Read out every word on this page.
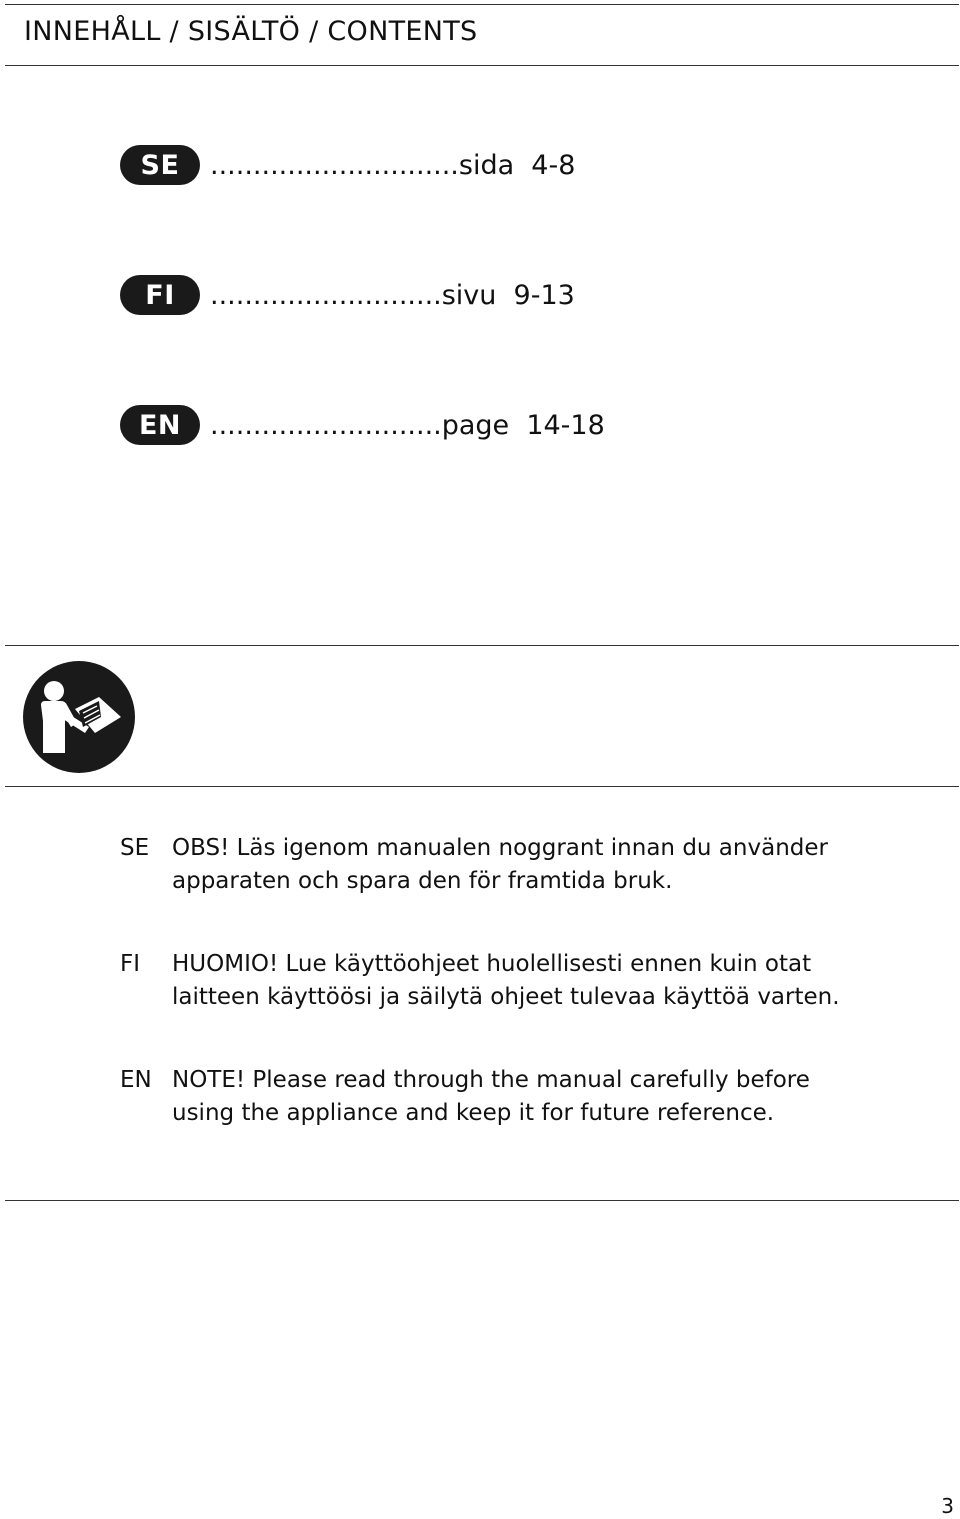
INNEHÅLL / SISÄLTÖ / CONTENTS
SE	.............................sida  4-8
FI	...........................sivu  9-13
EN	...........................page  14-18
SE OBS! Läs igenom manualen noggrant innan du använder apparaten och spara den för framtida bruk.
FI	HUOMIO! Lue käyttöohjeet huolellisesti ennen kuin otat laitteen käyttöösi ja säilytä ohjeet tulevaa käyttöä varten.
EN NOTE! Please read through the manual carefully before using the appliance and keep it for future reference.
3
